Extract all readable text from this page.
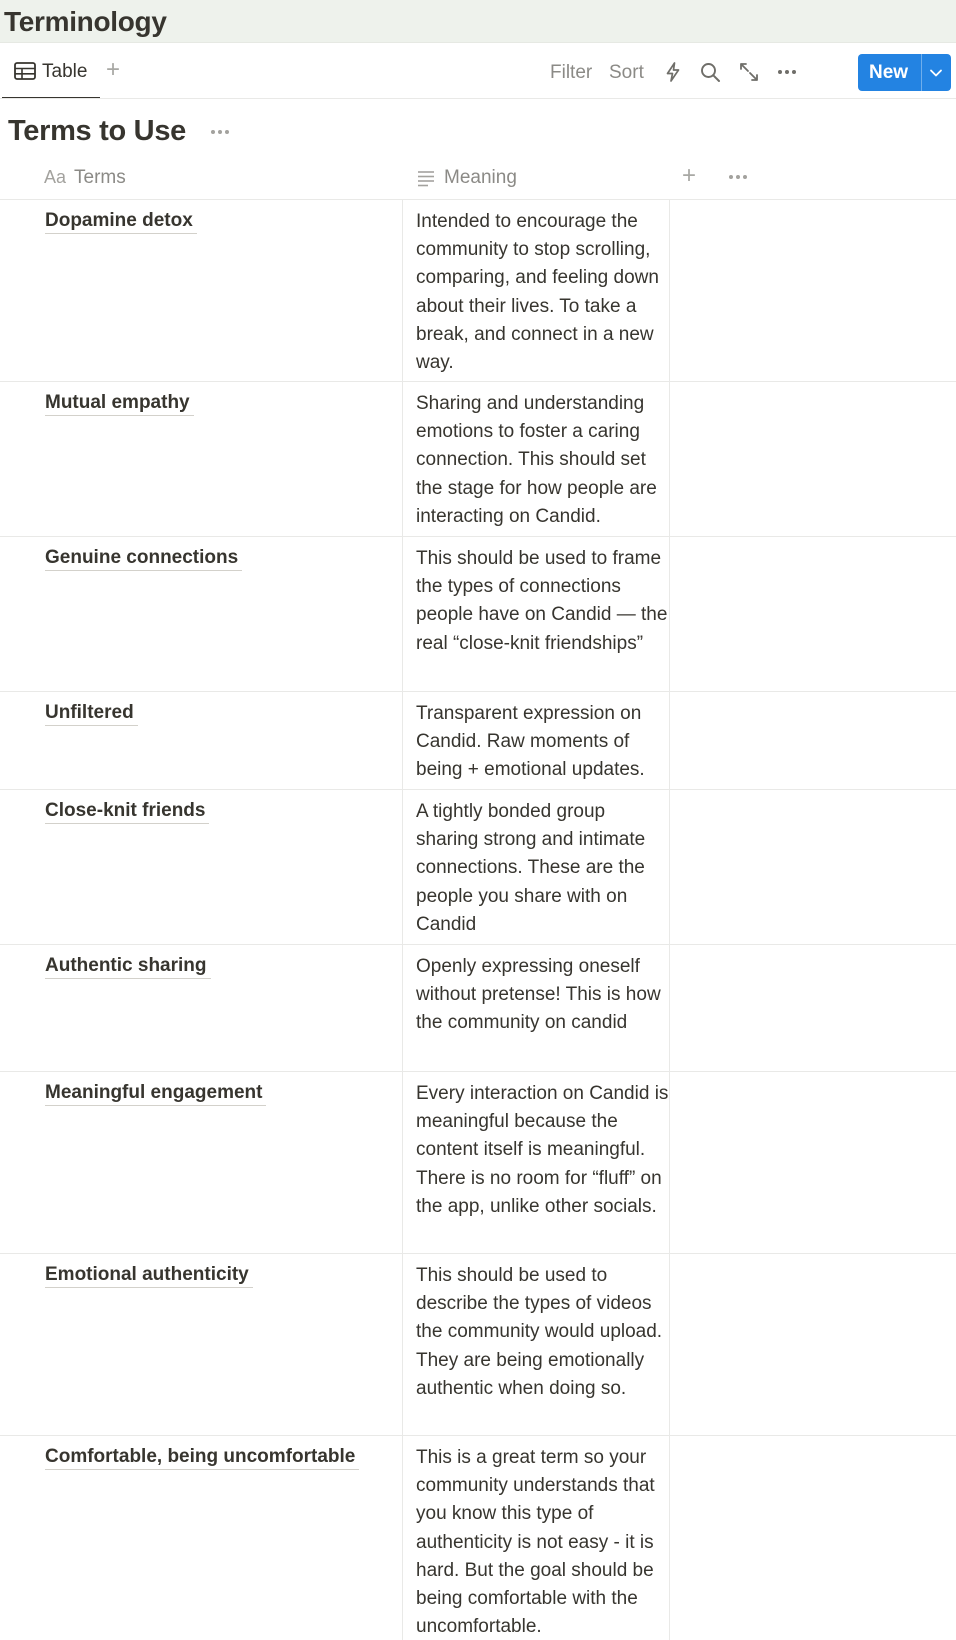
Terminology
Table +	Filter Sort	New
Terms to Use
Aa Terms	Meaning	+
Dopamine detox	Intended to encourage the community to stop scrolling, comparing, and feeling down about their lives. To take a break, and connect in a new way.
Mutual empathy	Sharing and understanding emotions to foster a caring connection. This should set the stage for how people are interacting on Candid.
Genuine connections	This should be used to frame the types of connections people have on Candid — the real “close-knit friendships”
Unfiltered	Transparent expression on Candid. Raw moments of being + emotional updates.
Close-knit friends	A tightly bonded group sharing strong and intimate connections. These are the people you share with on Candid
Authentic sharing	Openly expressing oneself without pretense! This is how the community on candid
Meaningful engagement	Every interaction on Candid is meaningful because the content itself is meaningful. There is no room for “fluff” on the app, unlike other socials.
Emotional authenticity	This should be used to describe the types of videos the community would upload. They are being emotionally authentic when doing so.
Comfortable, being uncomfortable	This is a great term so your community understands that you know this type of authenticity is not easy - it is hard. But the goal should be being comfortable with the uncomfortable.
